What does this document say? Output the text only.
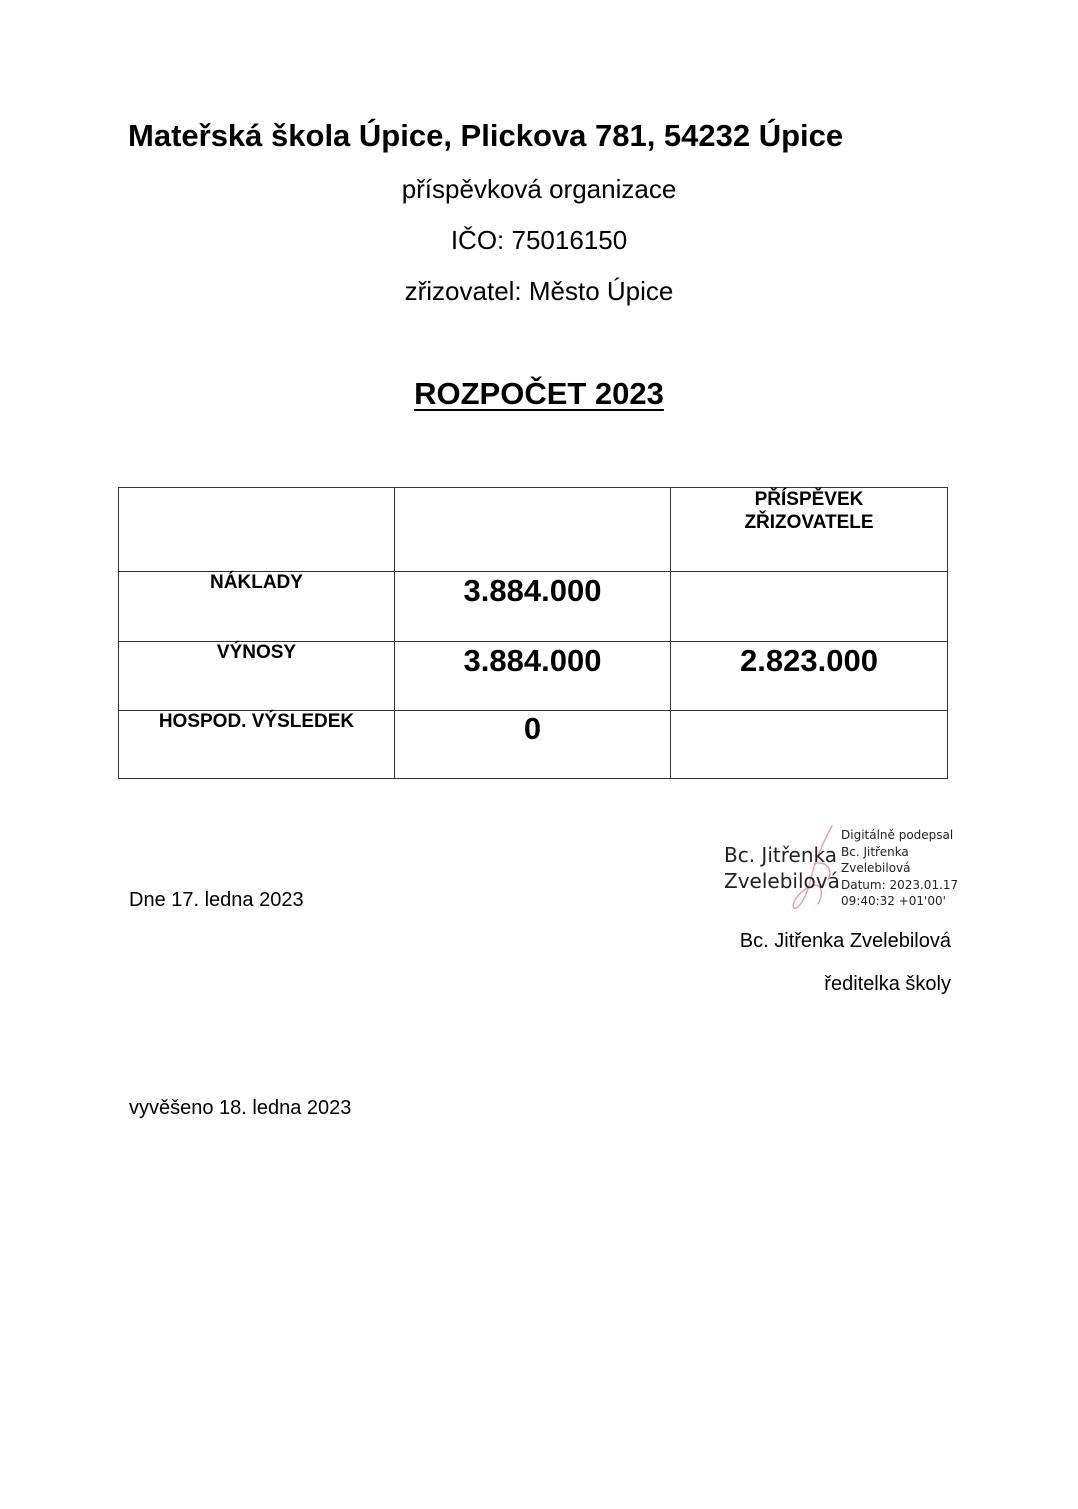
Mateřská škola Úpice, Plickova 781, 54232 Úpice
příspěvková organizace
IČO: 75016150
zřizovatel: Město Úpice
ROZPOČET 2023

		PŘÍSPĚVEK
ZŘIZOVATELE

NÁKLADY	3.884.000	

VÝNOSY	3.884.000	2.823.000

HOSPOD. VÝSLEDEK	0	

Dne 17. ledna 2023
Bc. Jitřenka
Zvelebilová
Digitálně podepsal
Bc. Jitřenka
Zvelebilová
Datum: 2023.01.17
09:40:32 +01'00'
Bc. Jitřenka Zvelebilová
ředitelka školy
vyvěšeno 18. ledna 2023
